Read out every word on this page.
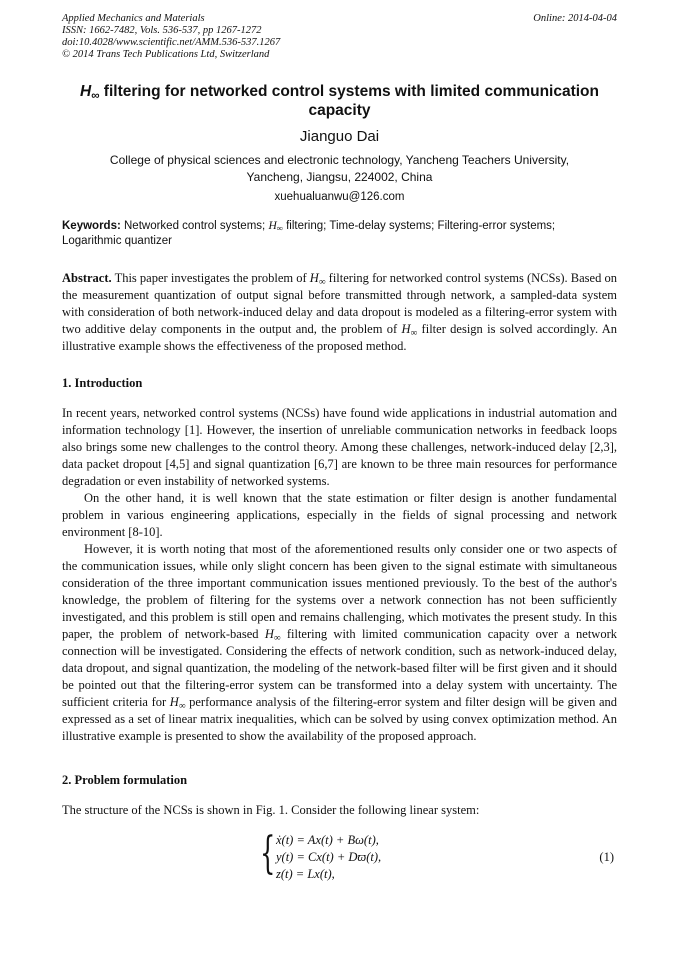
Applied Mechanics and Materials
ISSN: 1662-7482, Vols. 536-537, pp 1267-1272
doi:10.4028/www.scientific.net/AMM.536-537.1267
© 2014 Trans Tech Publications Ltd, Switzerland
Online: 2014-04-04
$H_\infty$ filtering for networked control systems with limited communication capacity
Jianguo Dai
College of physical sciences and electronic technology, Yancheng Teachers University,
Yancheng, Jiangsu, 224002, China
xuehualuanwu@126.com
Keywords: Networked control systems; $H_\infty$ filtering; Time-delay systems; Filtering-error systems; Logarithmic quantizer
Abstract. This paper investigates the problem of $H_\infty$ filtering for networked control systems (NCSs). Based on the measurement quantization of output signal before transmitted through network, a sampled-data system with consideration of both network-induced delay and data dropout is modeled as a filtering-error system with two additive delay components in the output and, the problem of $H_\infty$ filter design is solved accordingly. An illustrative example shows the effectiveness of the proposed method.
1. Introduction

In recent years, networked control systems (NCSs) have found wide applications in industrial automation and information technology [1]. However, the insertion of unreliable communication networks in feedback loops also brings some new challenges to the control theory. Among these challenges, network-induced delay [2,3], data packet dropout [4,5] and signal quantization [6,7] are known to be three main resources for performance degradation or even instability of networked systems.

On the other hand, it is well known that the state estimation or filter design is another fundamental problem in various engineering applications, especially in the fields of signal processing and network environment [8-10].

However, it is worth noting that most of the aforementioned results only consider one or two aspects of the communication issues, while only slight concern has been given to the signal estimate with simultaneous consideration of the three important communication issues mentioned previously. To the best of the author's knowledge, the problem of filtering for the systems over a network connection has not been sufficiently investigated, and this problem is still open and remains challenging, which motivates the present study. In this paper, the problem of network-based $H_\infty$ filtering with limited communication capacity over a network connection will be investigated. Considering the effects of network condition, such as network-induced delay, data dropout, and signal quantization, the modeling of the network-based filter will be first given and it should be pointed out that the filtering-error system can be transformed into a delay system with uncertainty. The sufficient criteria for $H_\infty$ performance analysis of the filtering-error system and filter design will be given and expressed as a set of linear matrix inequalities, which can be solved by using convex optimization method. An illustrative example is presented to show the availability of the proposed approach.

2. Problem formulation
The structure of the NCSs is shown in Fig. 1. Consider the following linear system:
{ ẋ(t) = Ax(t) + Bω(t),
y(t) = Cx(t) + Dϖ(t),
z(t) = Lx(t),
(1)
